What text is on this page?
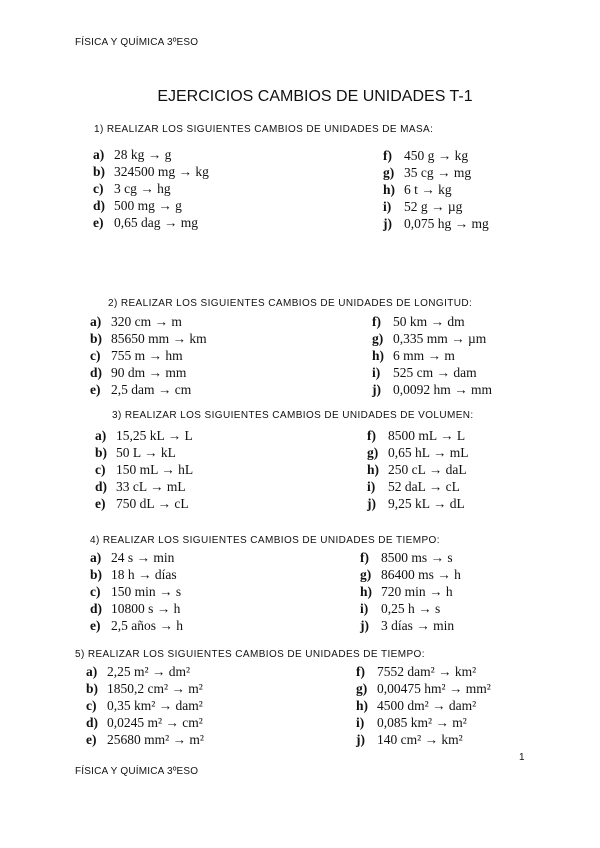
FÍSICA Y QUÍMICA 3ºESO
EJERCICIOS CAMBIOS DE UNIDADES T-1
1) REALIZAR LOS SIGUIENTES CAMBIOS DE UNIDADES DE MASA:
a) 28 kg → g
b) 324500 mg → kg
c) 3 cg → hg
d) 500 mg → g
e) 0,65 dag → mg
f) 450 g → kg
g) 35 cg → mg
h) 6 t → kg
i) 52 g → µg
j) 0,075 hg → mg
2) REALIZAR LOS SIGUIENTES CAMBIOS DE UNIDADES DE LONGITUD:
a) 320 cm → m
b) 85650 mm → km
c) 755 m → hm
d) 90 dm → mm
e) 2,5 dam → cm
f) 50 km → dm
g) 0,335 mm → µm
h) 6 mm → m
i) 525 cm → dam
j) 0,0092 hm → mm
3) REALIZAR LOS SIGUIENTES CAMBIOS DE UNIDADES DE VOLUMEN:
a) 15,25 kL → L
b) 50 L → kL
c) 150 mL → hL
d) 33 cL → mL
e) 750 dL → cL
f) 8500 mL → L
g) 0,65 hL → mL
h) 250 cL → daL
i) 52 daL → cL
j) 9,25 kL → dL
4) REALIZAR LOS SIGUIENTES CAMBIOS DE UNIDADES DE TIEMPO:
a) 24 s → min
b) 18 h → días
c) 150 min → s
d) 10800 s → h
e) 2,5 años → h
f) 8500 ms → s
g) 86400 ms → h
h) 720 min → h
i) 0,25 h → s
j) 3 días → min
5) REALIZAR LOS SIGUIENTES CAMBIOS DE UNIDADES DE TIEMPO:
a) 2,25 m² → dm²
b) 1850,2 cm² → m²
c) 0,35 km² → dam²
d) 0,0245 m² → cm²
e) 25680 mm² → m²
f) 7552 dam² → km²
g) 0,00475 hm² → mm²
h) 4500 dm² → dam²
i) 0,085 km² → m²
j) 140 cm² → km²
1
FÍSICA Y QUÍMICA 3ºESO
